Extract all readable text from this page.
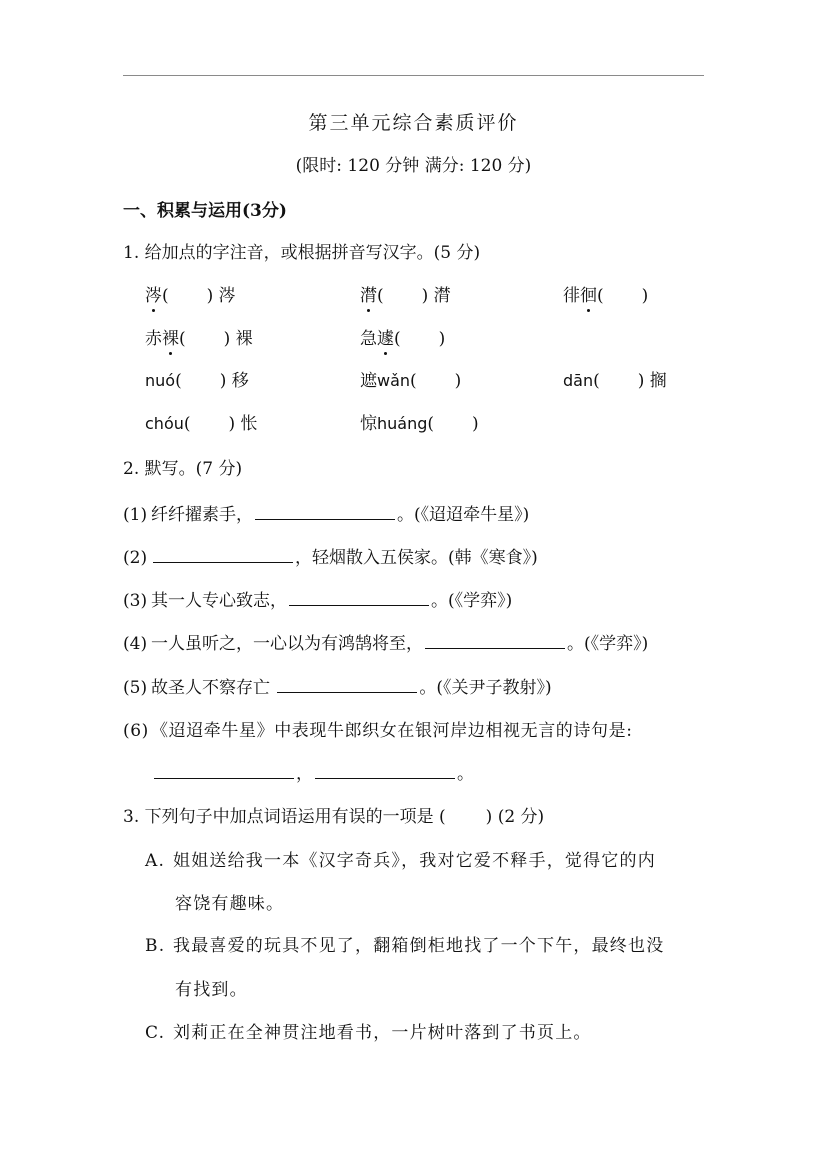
第三单元综合素质评价
(限时: 120 分钟 满分: 120 分)
一、积累与运用(3分)
1. 给加点的字注音，或根据拼音写汉字。(5 分)
涔( ) 涔	潸( ) 潸	徘徊( )
赤裸( ) 裸	急遽( )
nuó( ) 移	遮wǎn( )	dān( ) 搁
chóu( ) 怅	惊huáng( )
2. 默写。(7 分)
(1) 纤纤擢素手，	。(《迢迢牵牛星》)
(2)	，轻烟散入五侯家。(韩《寒食》)
(3) 其一人专心致志，	。(《学弈》)
(4) 一人虽听之，一心以为有鸿鹄将至，	。(《学弈》)
(5) 故圣人不察存亡	。(《关尹子教射》)
(6) 《迢迢牵牛星》中表现牛郎织女在银河岸边相视无言的诗句是:
，	。
3. 下列句子中加点词语运用有误的一项是 ( ) (2 分)
A. 姐姐送给我一本《汉字奇兵》，我对它爱不释手，觉得它的内
容饶有趣味。
B. 我最喜爱的玩具不见了，翻箱倒柜地找了一个下午，最终也没
有找到。
C. 刘莉正在全神贯注地看书，一片树叶落到了书页上。
